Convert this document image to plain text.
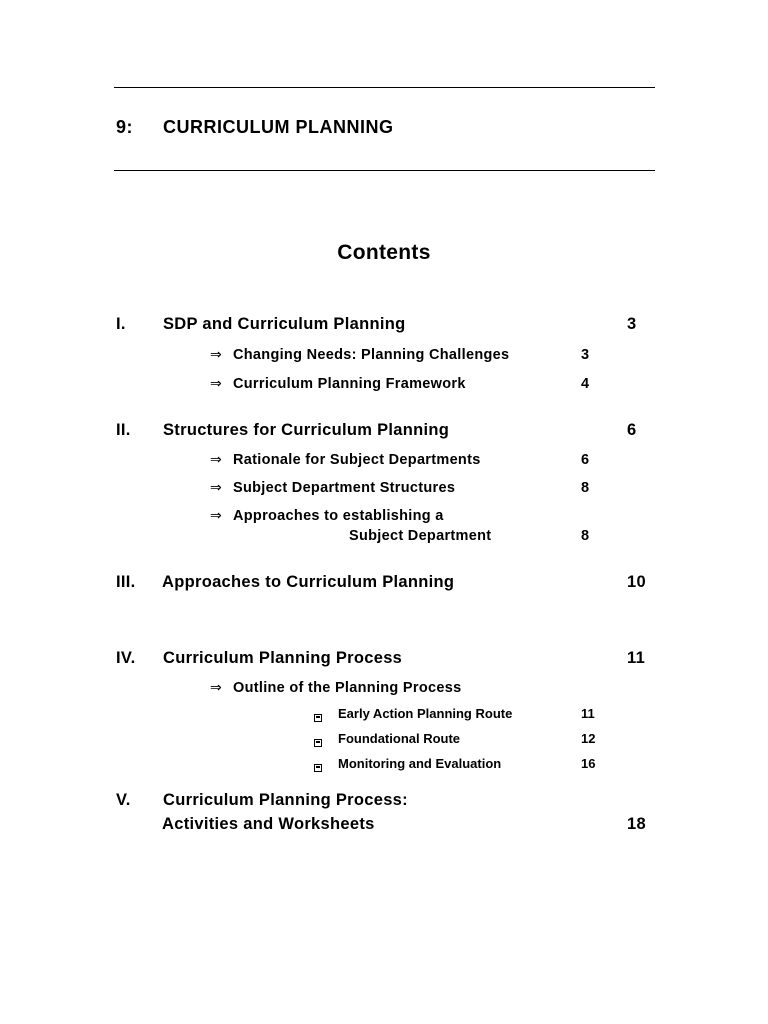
9: CURRICULUM PLANNING
Contents
I. SDP and Curriculum Planning	3
⇒ Changing Needs: Planning Challenges	3
⇒ Curriculum Planning Framework	4
II. Structures for Curriculum Planning	6
⇒ Rationale for Subject Departments	6
⇒ Subject Department Structures	8
⇒ Approaches to establishing a
Subject Department	8
III. Approaches to Curriculum Planning	10
IV. Curriculum Planning Process	11
⇒ Outline of the Planning Process
Early Action Planning Route	11
Foundational Route	12
Monitoring and Evaluation	16
V. Curriculum Planning Process:
Activities and Worksheets	18
